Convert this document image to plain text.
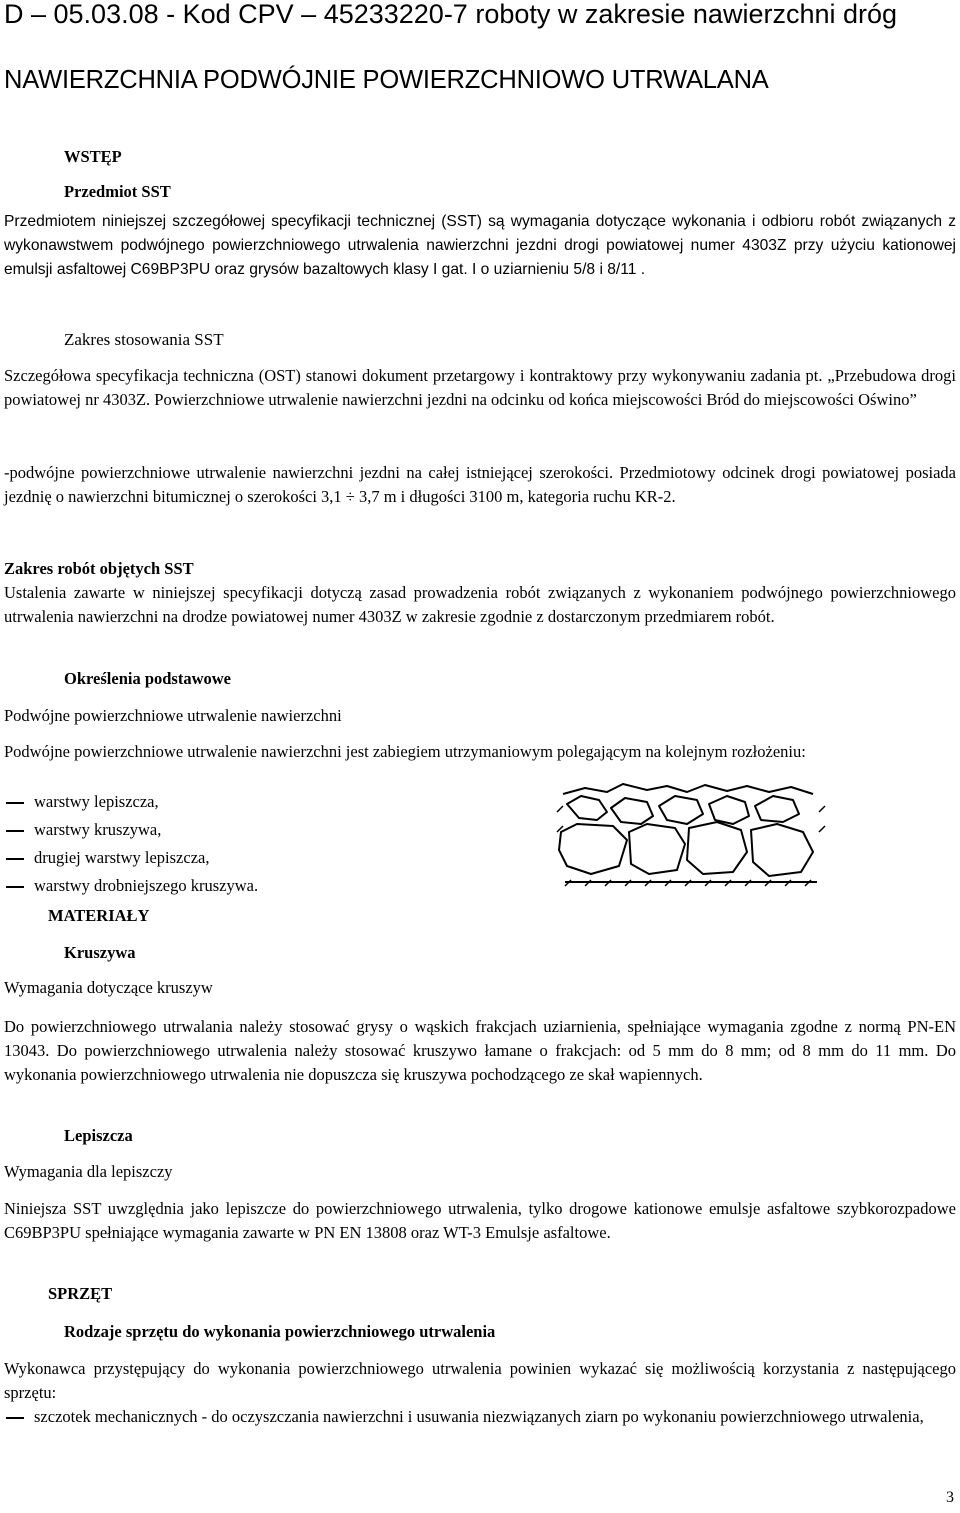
D – 05.03.08 - Kod CPV – 45233220-7 roboty w zakresie nawierzchni dróg
NAWIERZCHNIA PODWÓJNIE POWIERZCHNIOWO UTRWALANA
WSTĘP
Przedmiot SST
Przedmiotem niniejszej szczegółowej specyfikacji technicznej (SST) są wymagania dotyczące wykonania i odbioru robót związanych z wykonawstwem podwójnego powierzchniowego utrwalenia nawierzchni jezdni drogi powiatowej numer 4303Z przy użyciu kationowej emulsji asfaltowej C69BP3PU oraz grysów bazaltowych klasy I gat. I o uziarnieniu 5/8 i 8/11 .
Zakres stosowania SST
Szczegółowa specyfikacja techniczna (OST) stanowi dokument przetargowy i kontraktowy przy wykonywaniu zadania pt. „Przebudowa drogi powiatowej nr 4303Z. Powierzchniowe utrwalenie nawierzchni jezdni na odcinku od końca miejscowości Bród do miejscowości Oświno”
-podwójne powierzchniowe utrwalenie nawierzchni jezdni na całej istniejącej szerokości. Przedmiotowy odcinek drogi powiatowej posiada jezdnię o nawierzchni bitumicznej o szerokości 3,1 ÷ 3,7 m i długości 3100 m, kategoria ruchu KR-2.
Zakres robót objętych SST
Ustalenia zawarte w niniejszej specyfikacji dotyczą zasad prowadzenia robót związanych z wykonaniem podwójnego powierzchniowego utrwalenia nawierzchni na drodze powiatowej numer 4303Z w zakresie zgodnie z dostarczonym przedmiarem robót.
Określenia podstawowe
Podwójne powierzchniowe utrwalenie nawierzchni
Podwójne powierzchniowe utrwalenie nawierzchni jest zabiegiem utrzymaniowym polegającym na kolejnym rozłożeniu:
warstwy lepiszcza,
warstwy kruszywa,
drugiej warstwy lepiszcza,
warstwy drobniejszego kruszywa.
MATERIAŁY
Kruszywa
Wymagania dotyczące kruszyw
Do powierzchniowego utrwalania należy stosować grysy o wąskich frakcjach uziarnienia, spełniające wymagania zgodne z normą PN-EN 13043. Do powierzchniowego utrwalenia należy stosować kruszywo łamane o frakcjach: od 5 mm do 8 mm; od 8 mm do 11 mm. Do wykonania powierzchniowego utrwalenia nie dopuszcza się kruszywa pochodzącego ze skał wapiennych.
Lepiszcza
Wymagania dla lepiszczy
Niniejsza SST uwzględnia jako lepiszcze do powierzchniowego utrwalenia, tylko drogowe kationowe emulsje asfaltowe szybkorozpadowe C69BP3PU spełniające wymagania zawarte w PN EN 13808 oraz WT-3 Emulsje asfaltowe.
SPRZĘT
Rodzaje sprzętu do wykonania powierzchniowego utrwalenia
Wykonawca przystępujący do wykonania powierzchniowego utrwalenia powinien wykazać się możliwością korzystania z następującego sprzętu:
szczotek mechanicznych - do oczyszczania nawierzchni i usuwania niezwiązanych ziarn po wykonaniu powierzchniowego utrwalenia,
3
